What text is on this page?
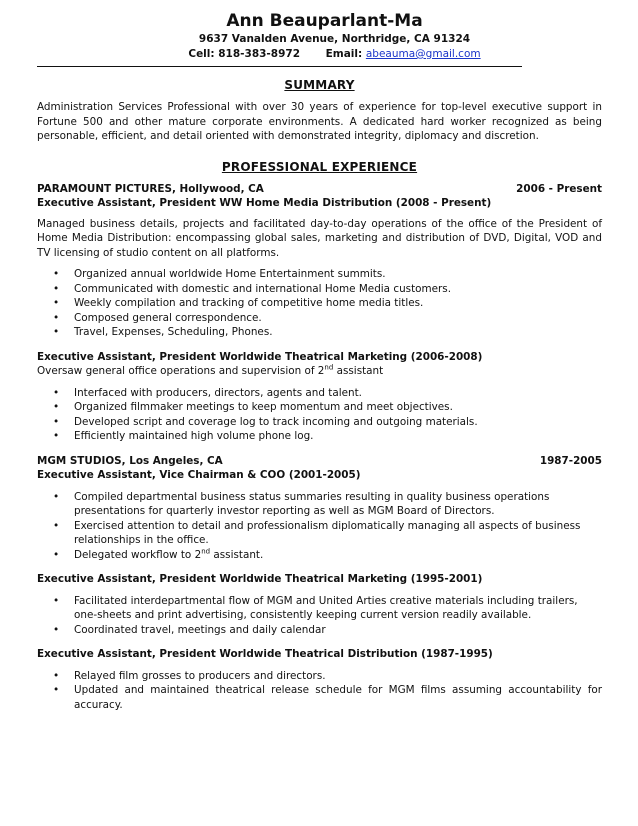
Ann Beauparlant-Ma
9637 Vanalden Avenue, Northridge, CA 91324
Cell: 818-383-8972 Email: abeauma@gmail.com
SUMMARY

Administration Services Professional with over 30 years of experience for top-level executive support in Fortune 500 and other mature corporate environments. A dedicated hard worker recognized as being personable, efficient, and detail oriented with demonstrated integrity, diplomacy and discretion.

PROFESSIONAL EXPERIENCE
PARAMOUNT PICTURES, Hollywood, CA	2006 - Present
Executive Assistant, President WW Home Media Distribution (2008 - Present)

Managed business details, projects and facilitated day-to-day operations of the office of the President of Home Media Distribution: encompassing global sales, marketing and distribution of DVD, Digital, VOD and TV licensing of studio content on all platforms.

• Organized annual worldwide Home Entertainment summits.
• Communicated with domestic and international Home Media customers.
• Weekly compilation and tracking of competitive home media titles.
• Composed general correspondence.
• Travel, Expenses, Scheduling, Phones.
Executive Assistant, President Worldwide Theatrical Marketing (2006-2008)
Oversaw general office operations and supervision of 2nd assistant
• Interfaced with producers, directors, agents and talent.
• Organized filmmaker meetings to keep momentum and meet objectives.
• Developed script and coverage log to track incoming and outgoing materials.
• Efficiently maintained high volume phone log.
MGM STUDIOS, Los Angeles, CA	1987-2005
Executive Assistant, Vice Chairman & COO (2001-2005)
• Compiled departmental business status summaries resulting in quality business operations presentations for quarterly investor reporting as well as MGM Board of Directors.
• Exercised attention to detail and professionalism diplomatically managing all aspects of business relationships in the office.
• Delegated workflow to 2nd assistant.
Executive Assistant, President Worldwide Theatrical Marketing (1995-2001)
• Facilitated interdepartmental flow of MGM and United Arties creative materials including trailers, one-sheets and print advertising, consistently keeping current version readily available.
• Coordinated travel, meetings and daily calendar
Executive Assistant, President Worldwide Theatrical Distribution (1987-1995)
• Relayed film grosses to producers and directors.
• Updated and maintained theatrical release schedule for MGM films assuming accountability for accuracy.
